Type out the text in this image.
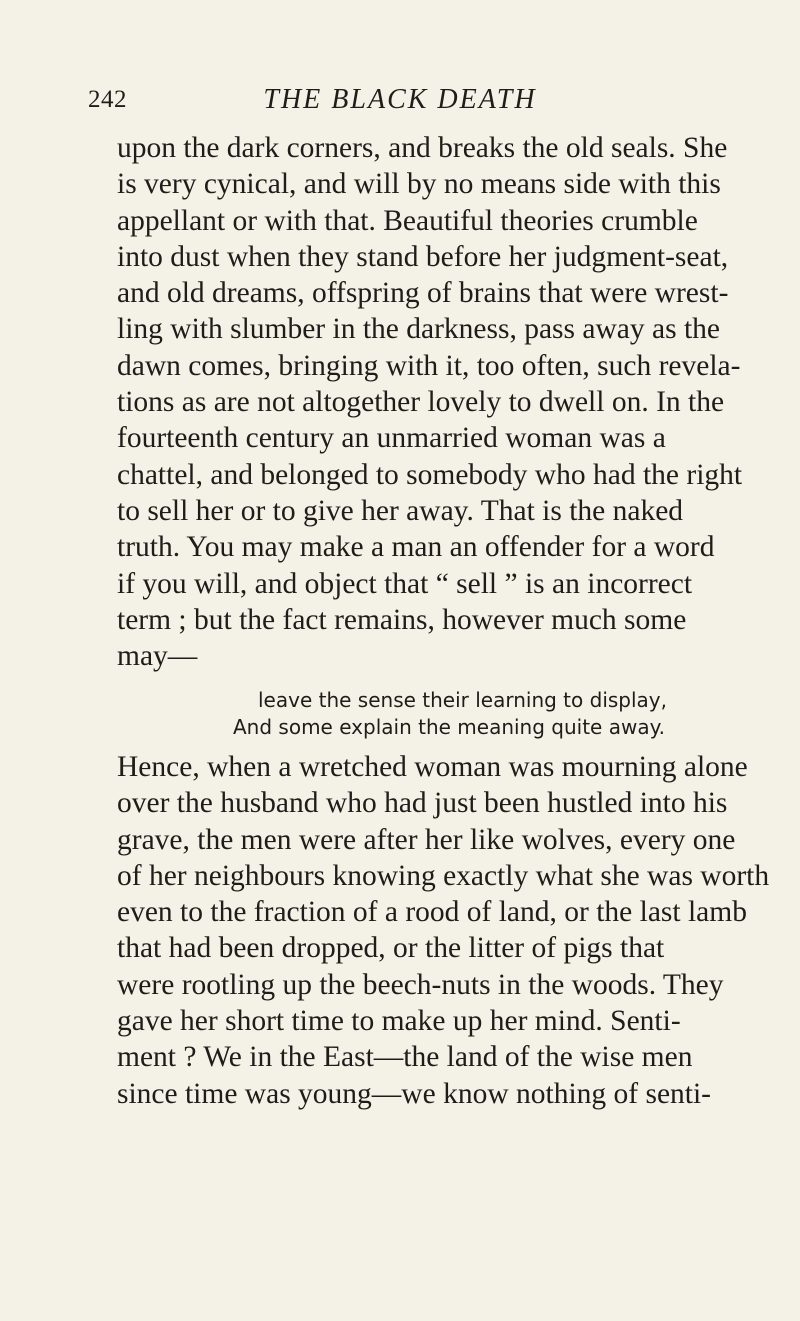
242	THE BLACK DEATH
upon the dark corners, and breaks the old seals. She
is very cynical, and will by no means side with this
appellant or with that. Beautiful theories crumble
into dust when they stand before her judgment-seat,
and old dreams, offspring of brains that were wrest-
ling with slumber in the darkness, pass away as the
dawn comes, bringing with it, too often, such revela-
tions as are not altogether lovely to dwell on. In the
fourteenth century an unmarried woman was a
chattel, and belonged to somebody who had the right
to sell her or to give her away. That is the naked
truth. You may make a man an offender for a word
if you will, and object that “ sell ” is an incorrect
term ; but the fact remains, however much some
may—
leave the sense their learning to display,
And some explain the meaning quite away.
Hence, when a wretched woman was mourning alone
over the husband who had just been hustled into his
grave, the men were after her like wolves, every one
of her neighbours knowing exactly what she was worth
even to the fraction of a rood of land, or the last lamb
that had been dropped, or the litter of pigs that
were rootling up the beech-nuts in the woods. They
gave her short time to make up her mind. Senti-
ment ? We in the East—the land of the wise men
since time was young—we know nothing of senti-
